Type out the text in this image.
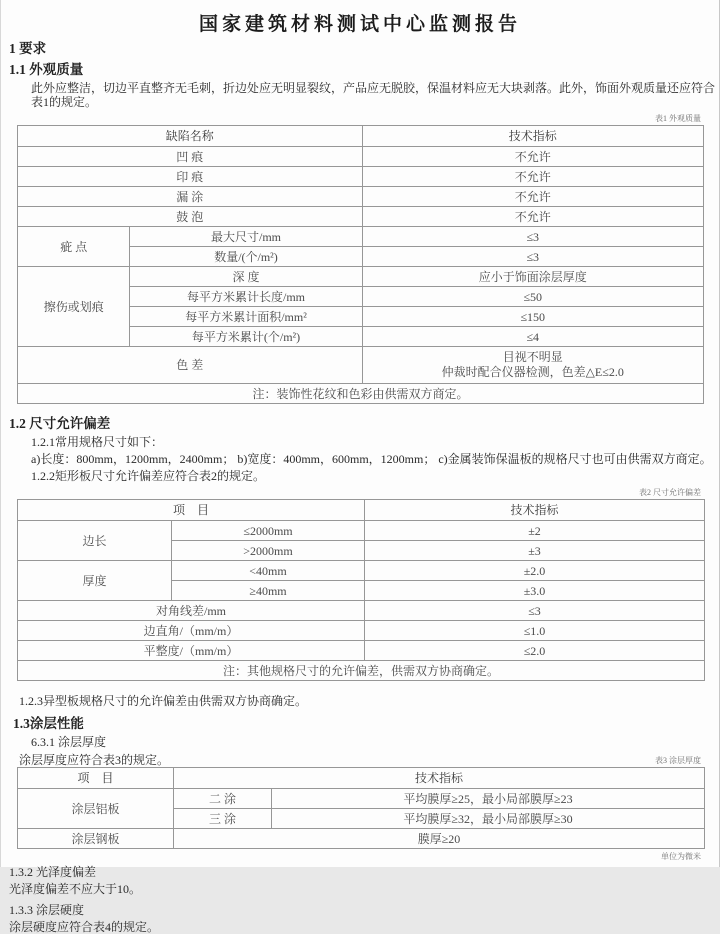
国家建筑材料测试中心监测报告
1 要求
1.1 外观质量

此外应整洁，切边平直整齐无毛刺，折边处应无明显裂纹，产品应无脱胶，保温材料应无大块剥落。此外，饰面外观质量还应符合表1的规定。

表1 外观质量
缺陷名称		技术指标
凹 痕		不允许
印 痕		不允许
漏 涂		不允许
鼓 泡		不允许
疵 点	最大尺寸/mm	≤3
	数量/(个/m²)	≤3
擦伤或划痕	深 度	应小于饰面涂层厚度
	每平方米累计长度/mm	≤50
	每平方米累计面积/mm²	≤150
	每平方米累计(个/m²)	≤4
色 差		目视不明显
仲裁时配合仪器检测，色差△E≤2.0

注：装饰性花纹和色彩由供需双方商定。		
1.2 尺寸允许偏差

1.2.1常用规格尺寸如下：

a)长度：800mm，1200mm，2400mm； b)宽度：400mm，600mm，1200mm； c)金属装饰保温板的规格尺寸也可由供需双方商定。

1.2.2矩形板尺寸允许偏差应符合表2的规定。

表2 尺寸允许偏差
项　目		技术指标
边长	≤2000mm	±2
	>2000mm	±3
厚度	<40mm	±2.0
	≥40mm	±3.0
对角线差/mm		≤3
边直角/（mm/m）		≤1.0
平整度/（mm/m）		≤2.0
注：其他规格尺寸的允许偏差，供需双方协商确定。		

1.2.3异型板规格尺寸的允许偏差由供需双方协商确定。

1.3涂层性能

6.3.1 涂层厚度

涂层厚度应符合表3的规定。	表3 涂层厚度
项　目	技术指标	
涂层铝板	二 涂	平均膜厚≥25，最小局部膜厚≥23
	三 涂	平均膜厚≥32，最小局部膜厚≥30
涂层钢板	膜厚≥20	
单位为微米

1.3.2 光泽度偏差

光泽度偏差不应大于10。

1.3.3 涂层硬度

涂层硬度应符合表4的规定。
